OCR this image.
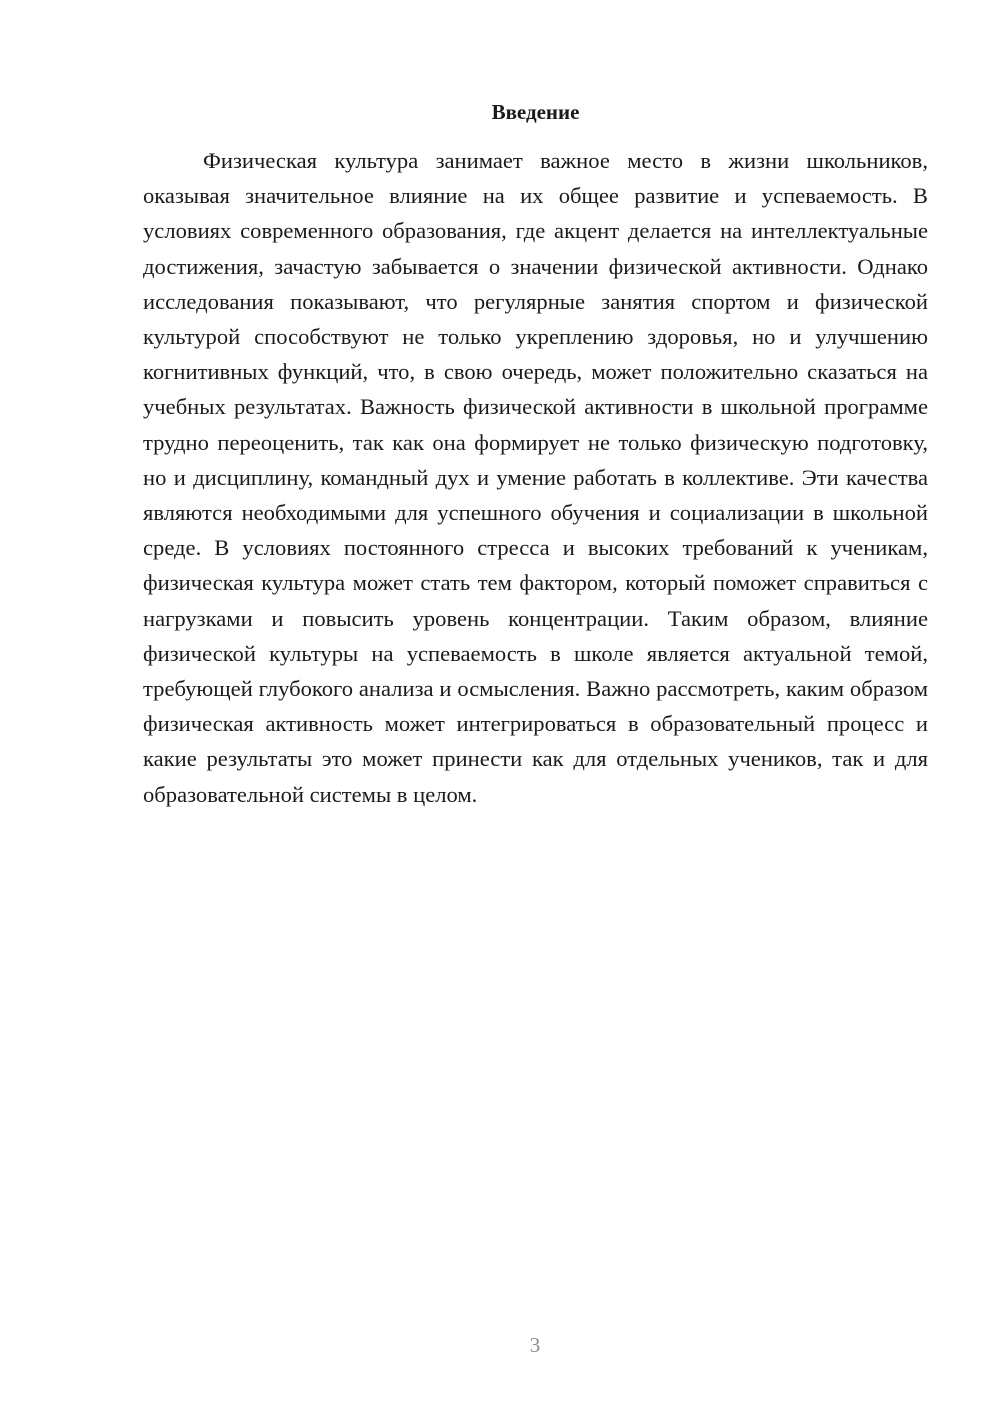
Введение

Физическая культура занимает важное место в жизни школьников, оказывая значительное влияние на их общее развитие и успеваемость. В условиях современного образования, где акцент делается на интеллектуальные достижения, зачастую забывается о значении физической активности. Однако исследования показывают, что регулярные занятия спортом и физической культурой способствуют не только укреплению здоровья, но и улучшению когнитивных функций, что, в свою очередь, может положительно сказаться на учебных результатах. Важность физической активности в школьной программе трудно переоценить, так как она формирует не только физическую подготовку, но и дисциплину, командный дух и умение работать в коллективе. Эти качества являются необходимыми для успешного обучения и социализации в школьной среде. В условиях постоянного стресса и высоких требований к ученикам, физическая культура может стать тем фактором, который поможет справиться с нагрузками и повысить уровень концентрации. Таким образом, влияние физической культуры на успеваемость в школе является актуальной темой, требующей глубокого анализа и осмысления. Важно рассмотреть, каким образом физическая активность может интегрироваться в образовательный процесс и какие результаты это может принести как для отдельных учеников, так и для образовательной системы в целом.

3
